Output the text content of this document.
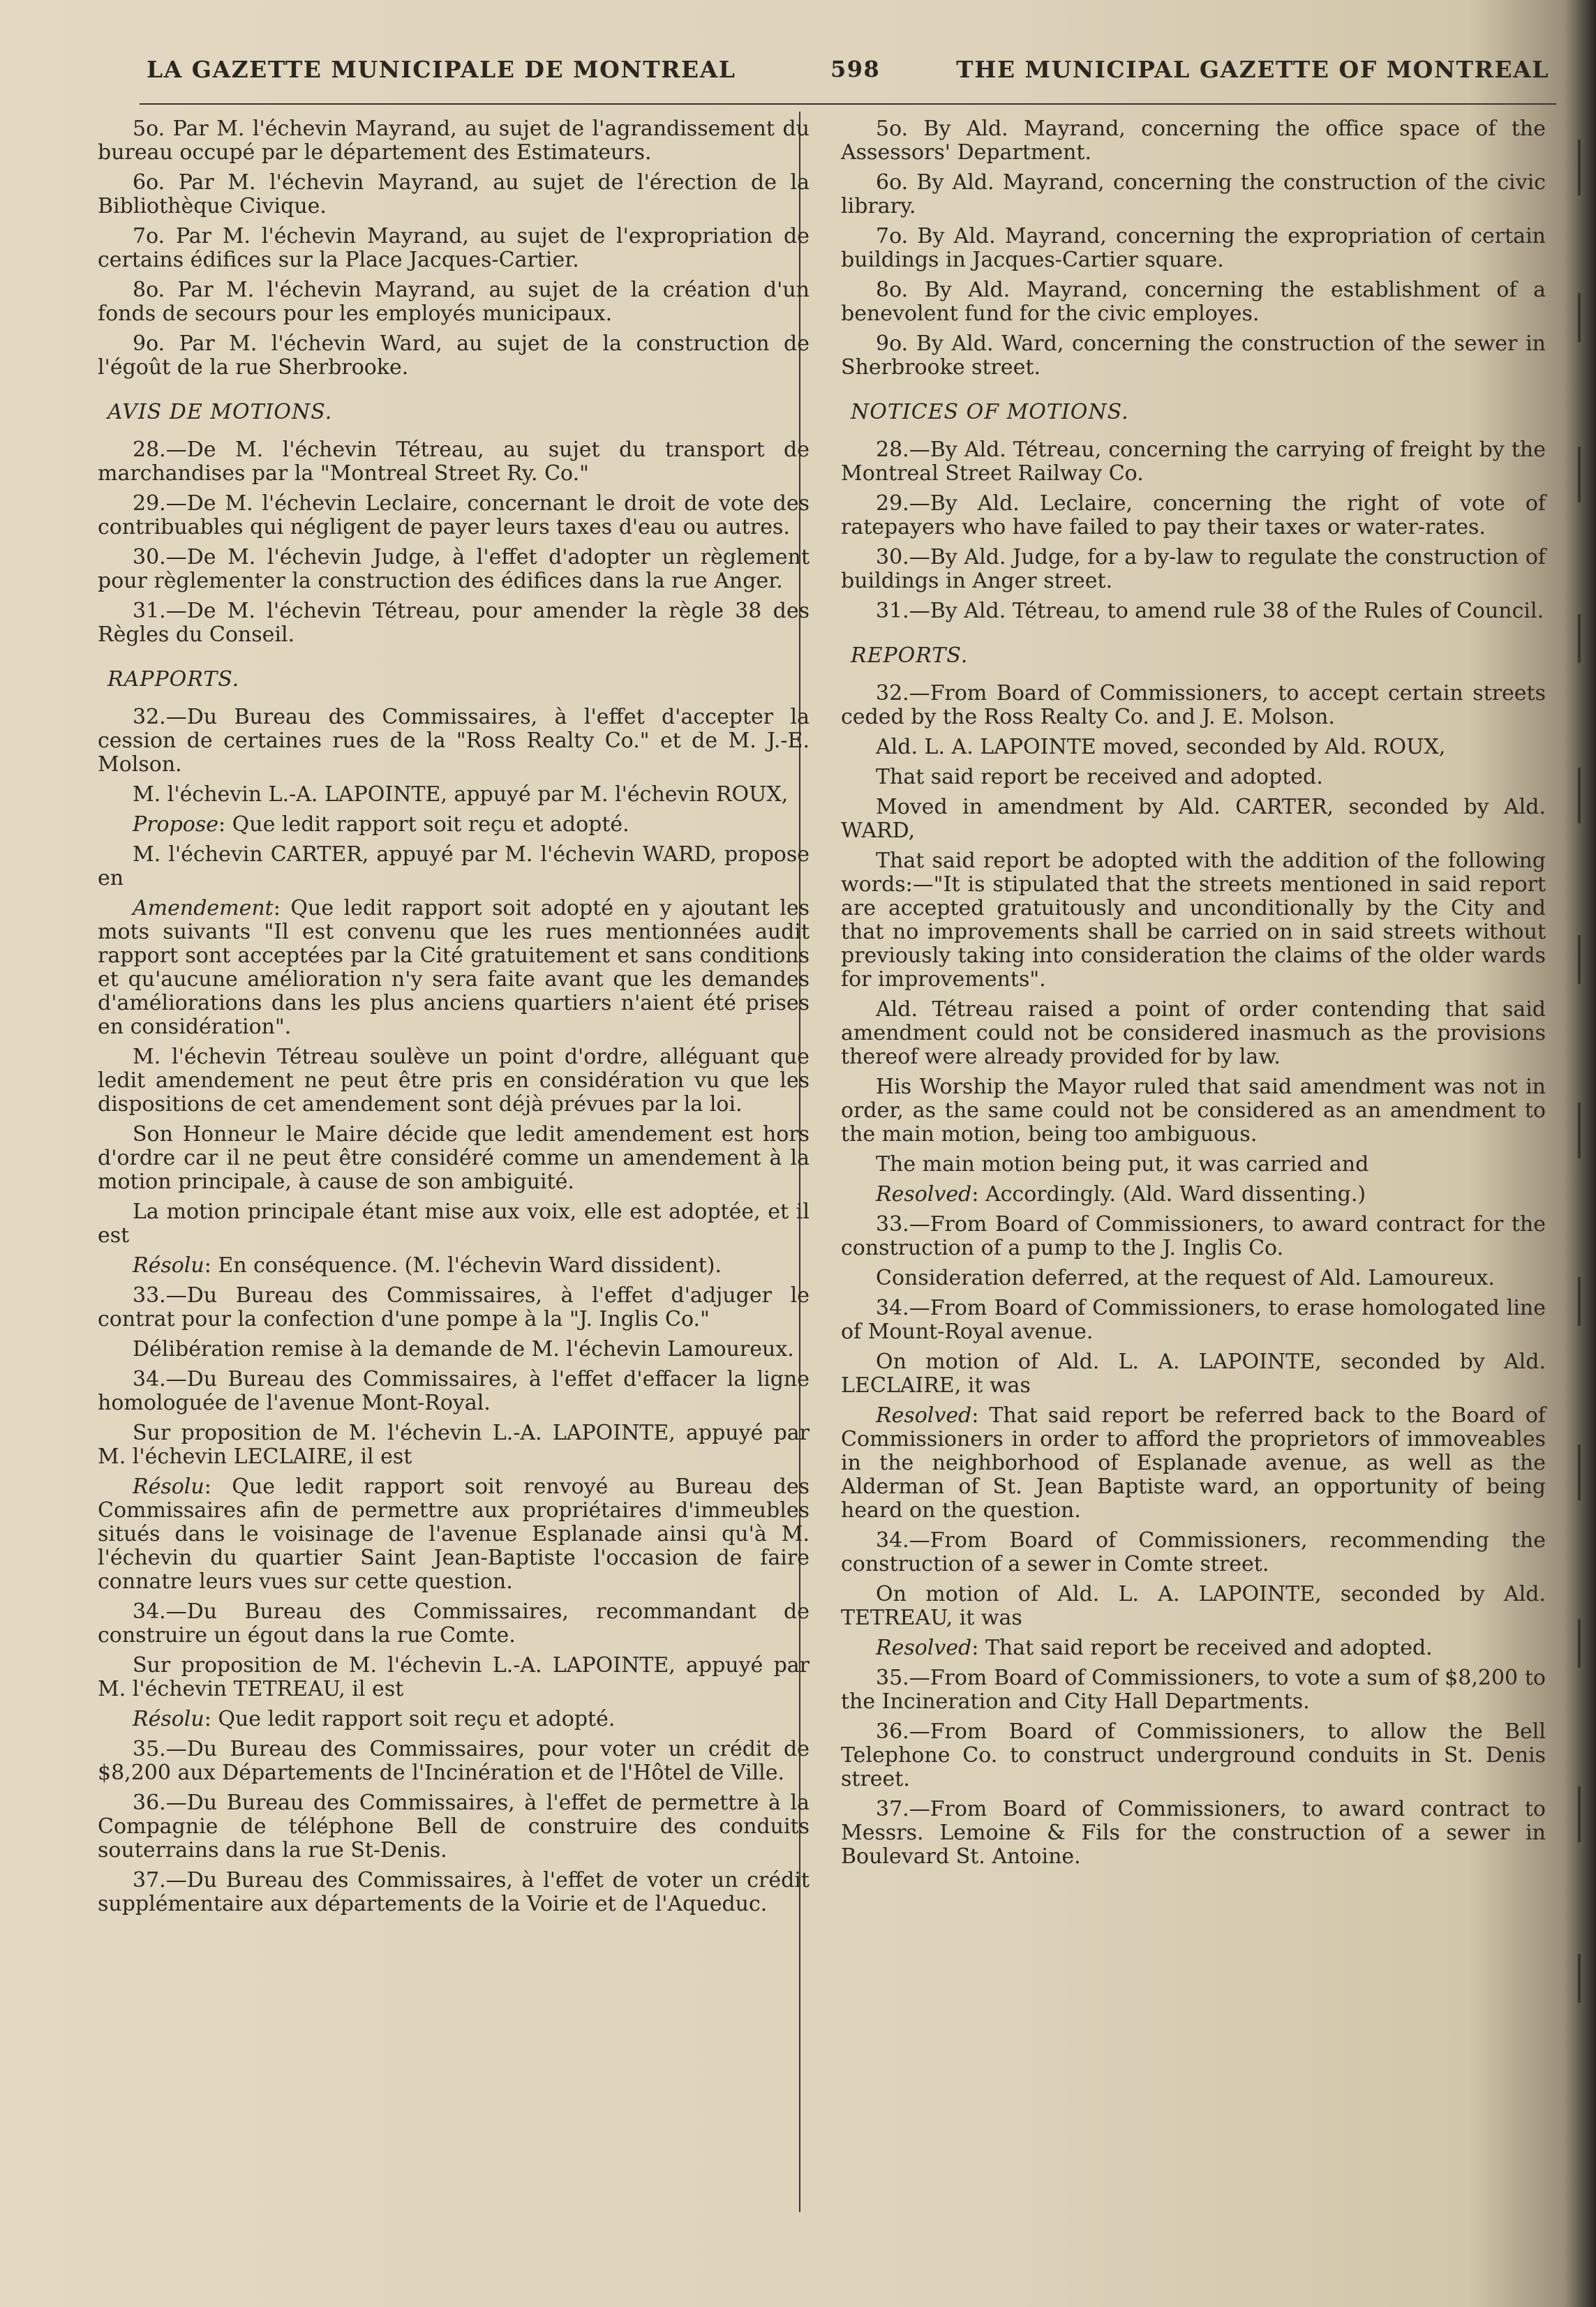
LA GAZETTE MUNICIPALE DE MONTREAL	598	THE MUNICIPAL GAZETTE OF MONTREAL

5o. Par M. l'échevin Mayrand, au sujet de l'agrandissement du bureau occupé par le département des Estimateurs.

6o. Par M. l'échevin Mayrand, au sujet de l'érection de la Bibliothèque Civique.

7o. Par M. l'échevin Mayrand, au sujet de l'expropriation de certains édifices sur la Place Jacques-Cartier.

8o. Par M. l'échevin Mayrand, au sujet de la création d'un fonds de secours pour les employés municipaux.

9o. Par M. l'échevin Ward, au sujet de la construction de l'égoût de la rue Sherbrooke.

AVIS DE MOTIONS.

28.—De M. l'échevin Tétreau, au sujet du transport de marchandises par la "Montreal Street Ry. Co."

29.—De M. l'échevin Leclaire, concernant le droit de vote des contribuables qui négligent de payer leurs taxes d'eau ou autres.

30.—De M. l'échevin Judge, à l'effet d'adopter un règlement pour règlementer la construction des édifices dans la rue Anger.

31.—De M. l'échevin Tétreau, pour amender la règle 38 des Règles du Conseil.

RAPPORTS.

32.—Du Bureau des Commissaires, à l'effet d'accepter la cession de certaines rues de la "Ross Realty Co." et de M. J.-E. Molson.

M. l'échevin L.-A. LAPOINTE, appuyé par M. l'échevin ROUX,

Propose: Que ledit rapport soit reçu et adopté.

M. l'échevin CARTER, appuyé par M. l'échevin WARD, propose en

Amendement: Que ledit rapport soit adopté en y ajoutant les mots suivants "Il est convenu que les rues mentionnées audit rapport sont acceptées par la Cité gratuitement et sans conditions et qu'aucune amélioration n'y sera faite avant que les demandes d'améliorations dans les plus anciens quartiers n'aient été prises en considération".

M. l'échevin Tétreau soulève un point d'ordre, alléguant que ledit amendement ne peut être pris en considération vu que les dispositions de cet amendement sont déjà prévues par la loi.

Son Honneur le Maire décide que ledit amendement est hors d'ordre car il ne peut être considéré comme un amendement à la motion principale, à cause de son ambiguité.

La motion principale étant mise aux voix, elle est adoptée, et il est

Résolu: En conséquence. (M. l'échevin Ward dissident).

33.—Du Bureau des Commissaires, à l'effet d'adjuger le contrat pour la confection d'une pompe à la "J. Inglis Co."

Délibération remise à la demande de M. l'échevin Lamoureux.

34.—Du Bureau des Commissaires, à l'effet d'effacer la ligne homologuée de l'avenue Mont-Royal.

Sur proposition de M. l'échevin L.-A. LAPOINTE, appuyé par M. l'échevin LECLAIRE, il est

Résolu: Que ledit rapport soit renvoyé au Bureau des Commissaires afin de permettre aux propriétaires d'immeubles situés dans le voisinage de l'avenue Esplanade ainsi qu'à M. l'échevin du quartier Saint Jean-Baptiste l'occasion de faire connatre leurs vues sur cette question.

34.—Du Bureau des Commissaires, recommandant de construire un égout dans la rue Comte.

Sur proposition de M. l'échevin L.-A. LAPOINTE, appuyé par M. l'échevin TETREAU, il est

Résolu: Que ledit rapport soit reçu et adopté.

35.—Du Bureau des Commissaires, pour voter un crédit de $8,200 aux Départements de l'Incinération et de l'Hôtel de Ville.

36.—Du Bureau des Commissaires, à l'effet de permettre à la Compagnie de téléphone Bell de construire des conduits souterrains dans la rue St-Denis.

37.—Du Bureau des Commissaires, à l'effet de voter un crédit supplémentaire aux départements de la Voirie et de l'Aqueduc.

5o. By Ald. Mayrand, concerning the office space of the Assessors' Department.

6o. By Ald. Mayrand, concerning the construction of the civic library.

7o. By Ald. Mayrand, concerning the expropriation of certain buildings in Jacques-Cartier square.

8o. By Ald. Mayrand, concerning the establishment of a benevolent fund for the civic employes.

9o. By Ald. Ward, concerning the construction of the sewer in Sherbrooke street.

NOTICES OF MOTIONS.

28.—By Ald. Tétreau, concerning the carrying of freight by the Montreal Street Railway Co.

29.—By Ald. Leclaire, concerning the right of vote of ratepayers who have failed to pay their taxes or water-rates.

30.—By Ald. Judge, for a by-law to regulate the construction of buildings in Anger street.

31.—By Ald. Tétreau, to amend rule 38 of the Rules of Council.

REPORTS.

32.—From Board of Commissioners, to accept certain streets ceded by the Ross Realty Co. and J. E. Molson.

Ald. L. A. LAPOINTE moved, seconded by Ald. ROUX,

That said report be received and adopted.

Moved in amendment by Ald. CARTER, seconded by Ald. WARD,

That said report be adopted with the addition of the following words:—"It is stipulated that the streets mentioned in said report are accepted gratuitously and unconditionally by the City and that no improvements shall be carried on in said streets without previously taking into consideration the claims of the older wards for improvements".

Ald. Tétreau raised a point of order contending that said amendment could not be considered inasmuch as the provisions thereof were already provided for by law.

His Worship the Mayor ruled that said amendment was not in order, as the same could not be considered as an amendment to the main motion, being too ambiguous.

The main motion being put, it was carried and

Resolved: Accordingly. (Ald. Ward dissenting.)

33.—From Board of Commissioners, to award contract for the construction of a pump to the J. Inglis Co.

Consideration deferred, at the request of Ald. Lamoureux.

34.—From Board of Commissioners, to erase homologated line of Mount-Royal avenue.

On motion of Ald. L. A. LAPOINTE, seconded by Ald. LECLAIRE, it was

Resolved: That said report be referred back to the Board of Commissioners in order to afford the proprietors of immoveables in the neighborhood of Esplanade avenue, as well as the Alderman of St. Jean Baptiste ward, an opportunity of being heard on the question.

34.—From Board of Commissioners, recommending the construction of a sewer in Comte street.

On motion of Ald. L. A. LAPOINTE, seconded by Ald. TETREAU, it was

Resolved: That said report be received and adopted.

35.—From Board of Commissioners, to vote a sum of $8,200 to the Incineration and City Hall Departments.

36.—From Board of Commissioners, to allow the Bell Telephone Co. to construct underground conduits in St. Denis street.

37.—From Board of Commissioners, to award contract to Messrs. Lemoine & Fils for the construction of a sewer in Boulevard St. Antoine.
